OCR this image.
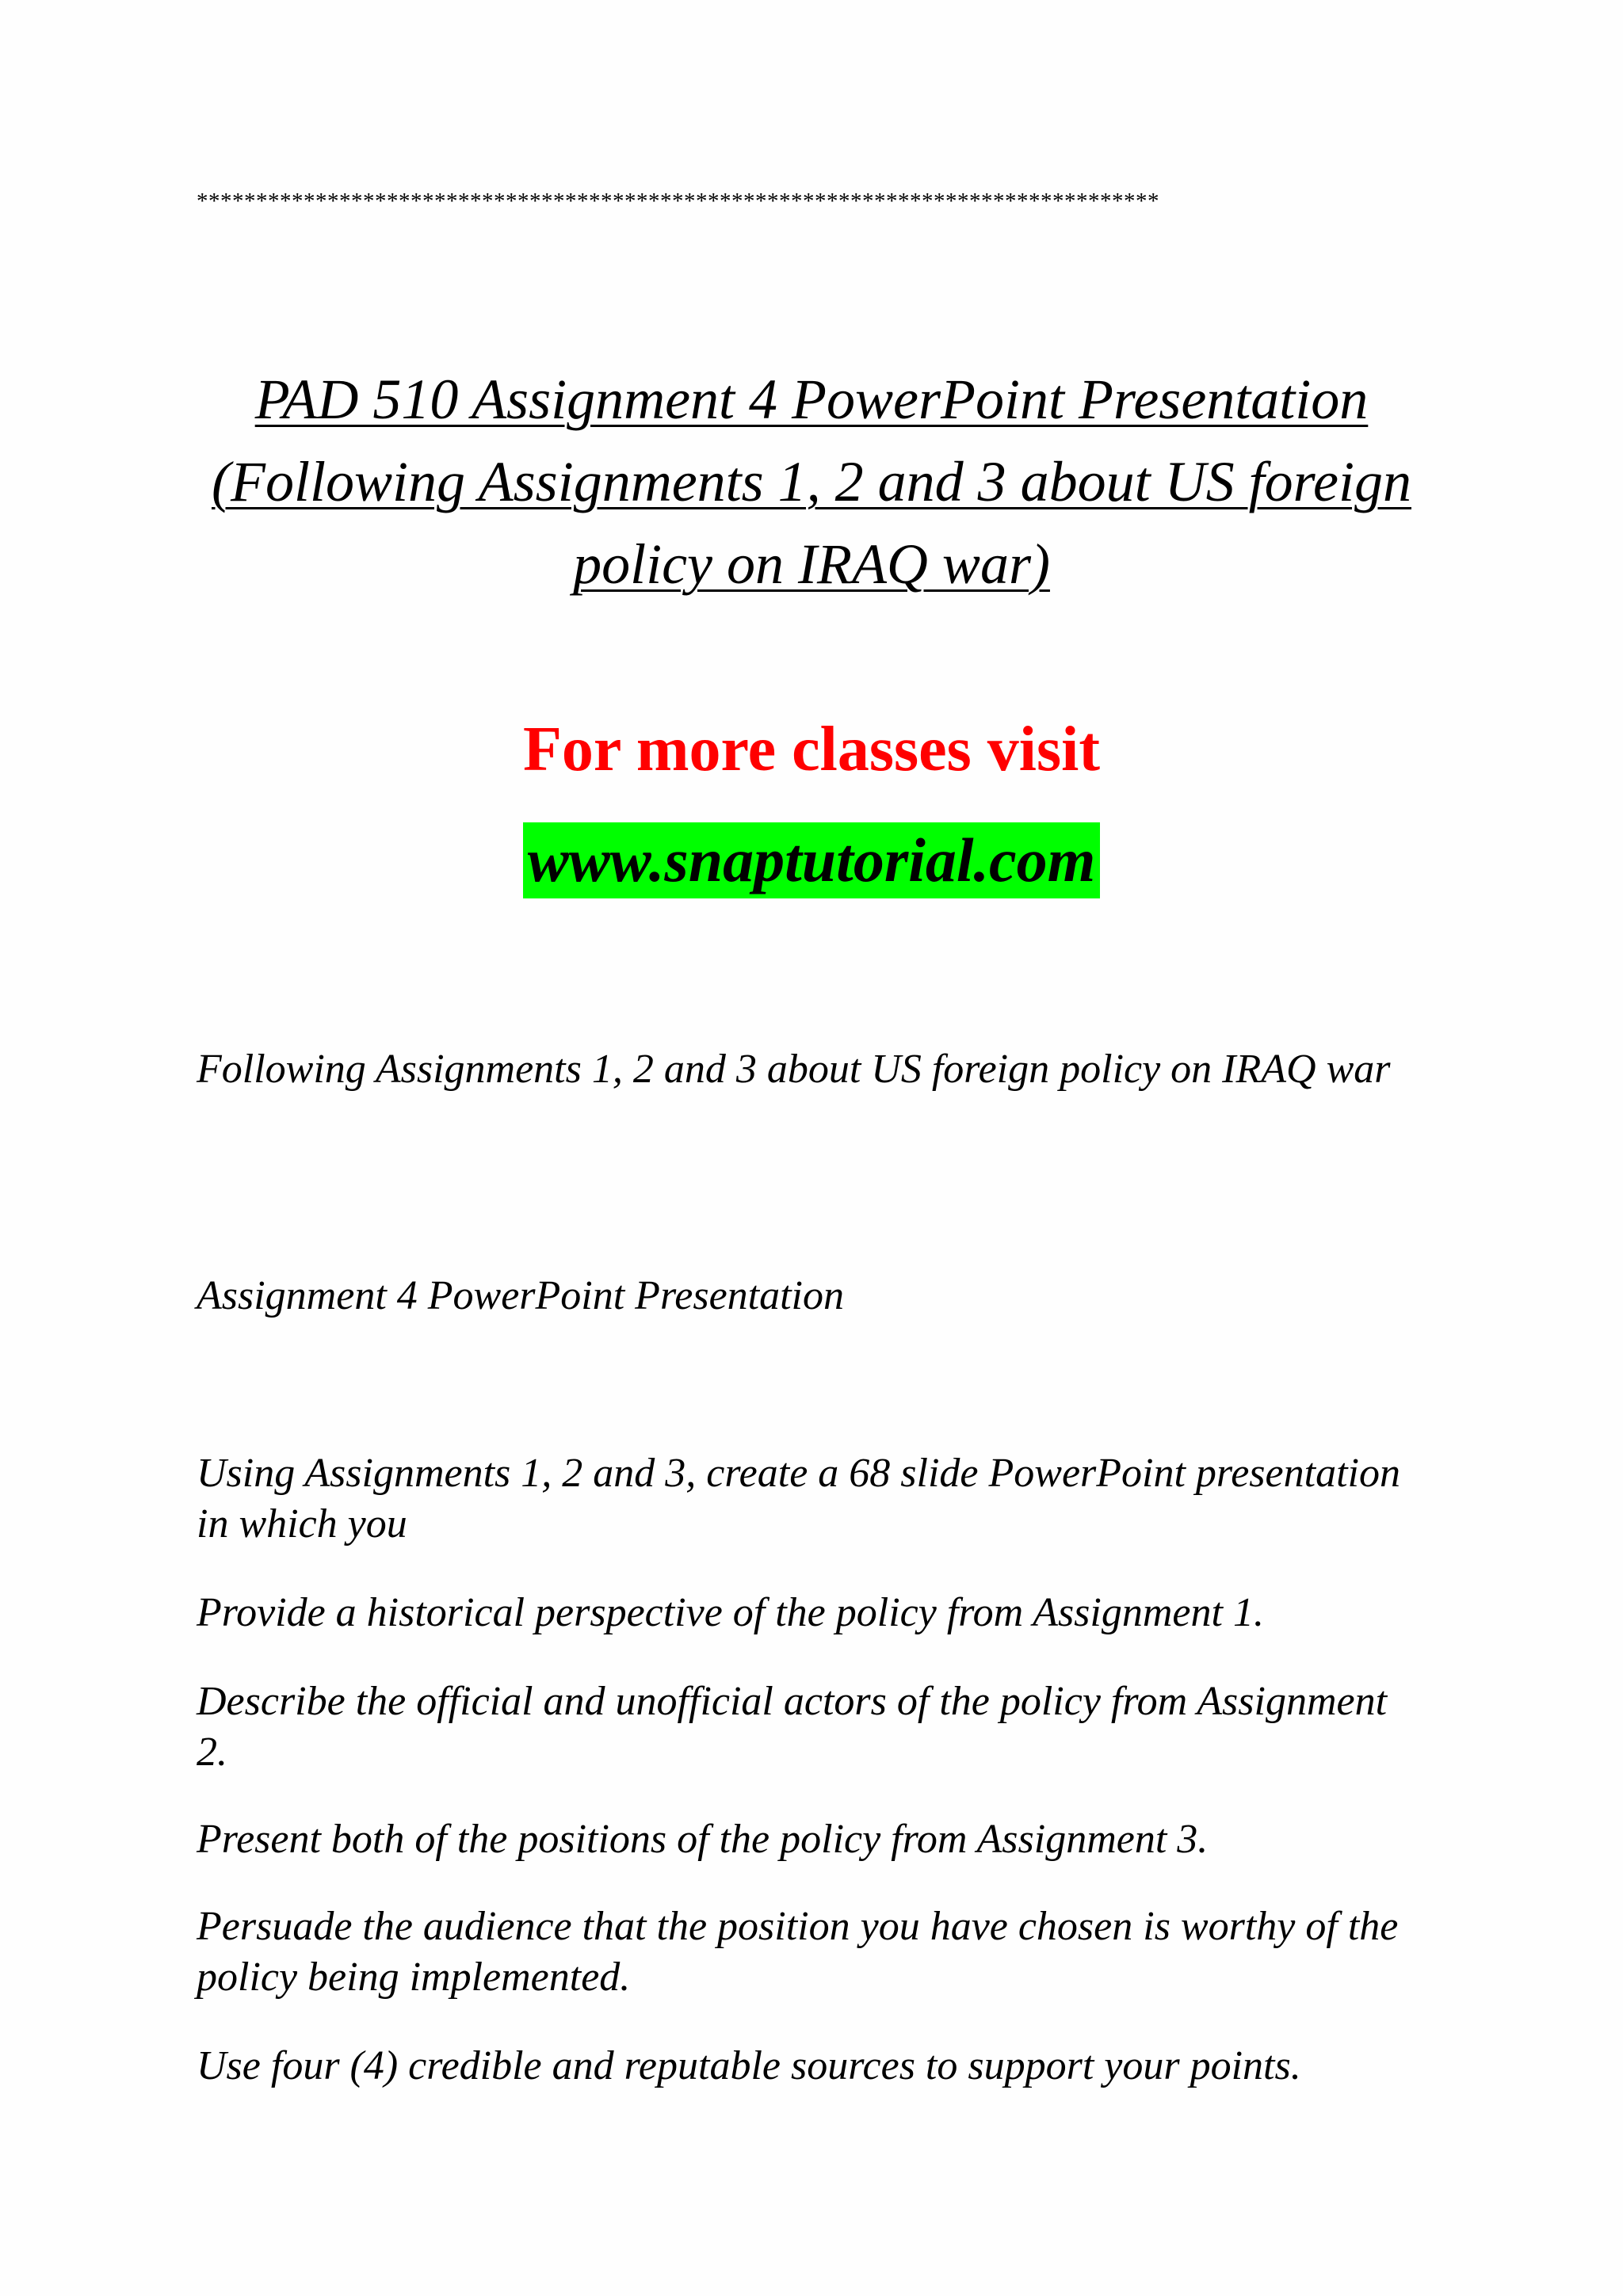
*********************************************************************************
PAD 510 Assignment 4 PowerPoint Presentation (Following Assignments 1, 2 and 3 about US foreign policy on IRAQ war)
For more classes visit
www.snaptutorial.com

Following Assignments 1, 2 and 3 about US foreign policy on IRAQ war

Assignment 4 PowerPoint Presentation

Using Assignments 1, 2 and 3, create a 68 slide PowerPoint presentation in which you

Provide a historical perspective of the policy from Assignment 1.

Describe the official and unofficial actors of the policy from Assignment 2.

Present both of the positions of the policy from Assignment 3.

Persuade the audience that the position you have chosen is worthy of the policy being implemented.

Use four (4) credible and reputable sources to support your points.
